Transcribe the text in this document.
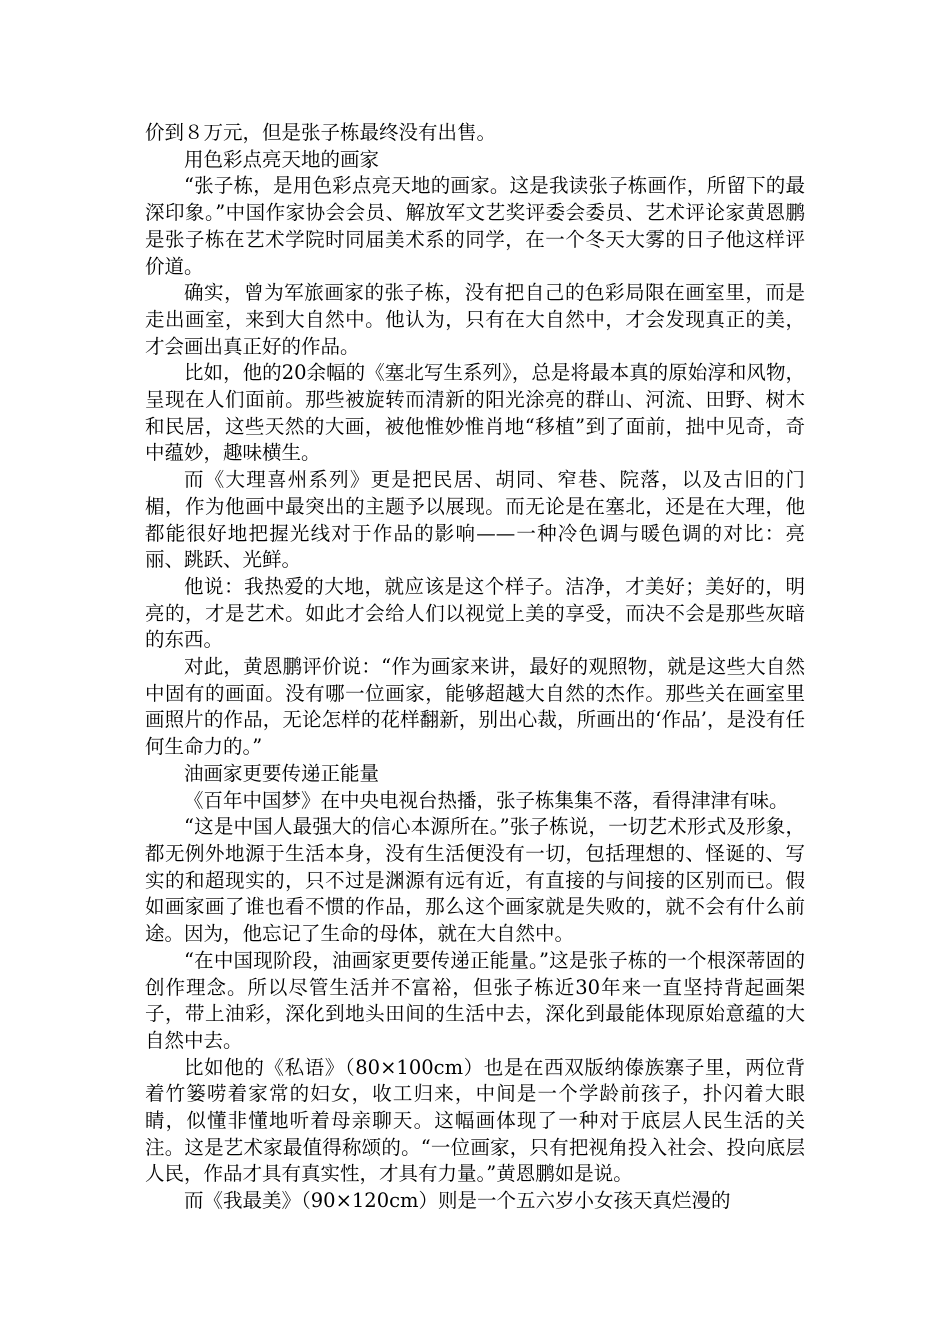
价到８万元，但是张子栋最终没有出售。

用色彩点亮天地的画家

“张子栋，是用色彩点亮天地的画家。这是我读张子栋画作，所留下的最深印象。”中国作家协会会员、解放军文艺奖评委会委员、艺术评论家黄恩鹏是张子栋在艺术学院时同届美术系的同学，在一个冬天大雾的日子他这样评价道。

确实，曾为军旅画家的张子栋，没有把自己的色彩局限在画室里，而是走出画室，来到大自然中。他认为，只有在大自然中，才会发现真正的美，才会画出真正好的作品。

比如，他的20余幅的《塞北写生系列》，总是将最本真的原始淳和风物，呈现在人们面前。那些被旋转而清新的阳光涂亮的群山、河流、田野、树木和民居，这些天然的大画，被他惟妙惟肖地“移植”到了面前，拙中见奇，奇中蕴妙，趣味横生。

而《大理喜州系列》更是把民居、胡同、窄巷、院落，以及古旧的门楣，作为他画中最突出的主题予以展现。而无论是在塞北，还是在大理，他都能很好地把握光线对于作品的影响——一种冷色调与暖色调的对比：亮丽、跳跃、光鲜。

他说：我热爱的大地，就应该是这个样子。洁净，才美好；美好的，明亮的，才是艺术。如此才会给人们以视觉上美的享受，而决不会是那些灰暗的东西。

对此，黄恩鹏评价说：“作为画家来讲，最好的观照物，就是这些大自然中固有的画面。没有哪一位画家，能够超越大自然的杰作。那些关在画室里画照片的作品，无论怎样的花样翻新，别出心裁，所画出的‘作品’，是没有任何生命力的。”

油画家更要传递正能量

《百年中国梦》在中央电视台热播，张子栋集集不落，看得津津有味。

“这是中国人最强大的信心本源所在。”张子栋说，一切艺术形式及形象，都无例外地源于生活本身，没有生活便没有一切，包括理想的、怪诞的、写实的和超现实的，只不过是渊源有远有近，有直接的与间接的区别而已。假如画家画了谁也看不惯的作品，那么这个画家就是失败的，就不会有什么前途。因为，他忘记了生命的母体，就在大自然中。

“在中国现阶段，油画家更要传递正能量。”这是张子栋的一个根深蒂固的创作理念。所以尽管生活并不富裕，但张子栋近30年来一直坚持背起画架子，带上油彩，深化到地头田间的生活中去，深化到最能体现原始意蕴的大自然中去。

比如他的《私语》（80×100cm）也是在西双版纳傣族寨子里，两位背着竹篓唠着家常的妇女，收工归来，中间是一个学龄前孩子，扑闪着大眼睛，似懂非懂地听着母亲聊天。这幅画体现了一种对于底层人民生活的关注。这是艺术家最值得称颂的。“一位画家，只有把视角投入社会、投向底层人民，作品才具有真实性，才具有力量。”黄恩鹏如是说。

而《我最美》（90×120cm）则是一个五六岁小女孩天真烂漫的
